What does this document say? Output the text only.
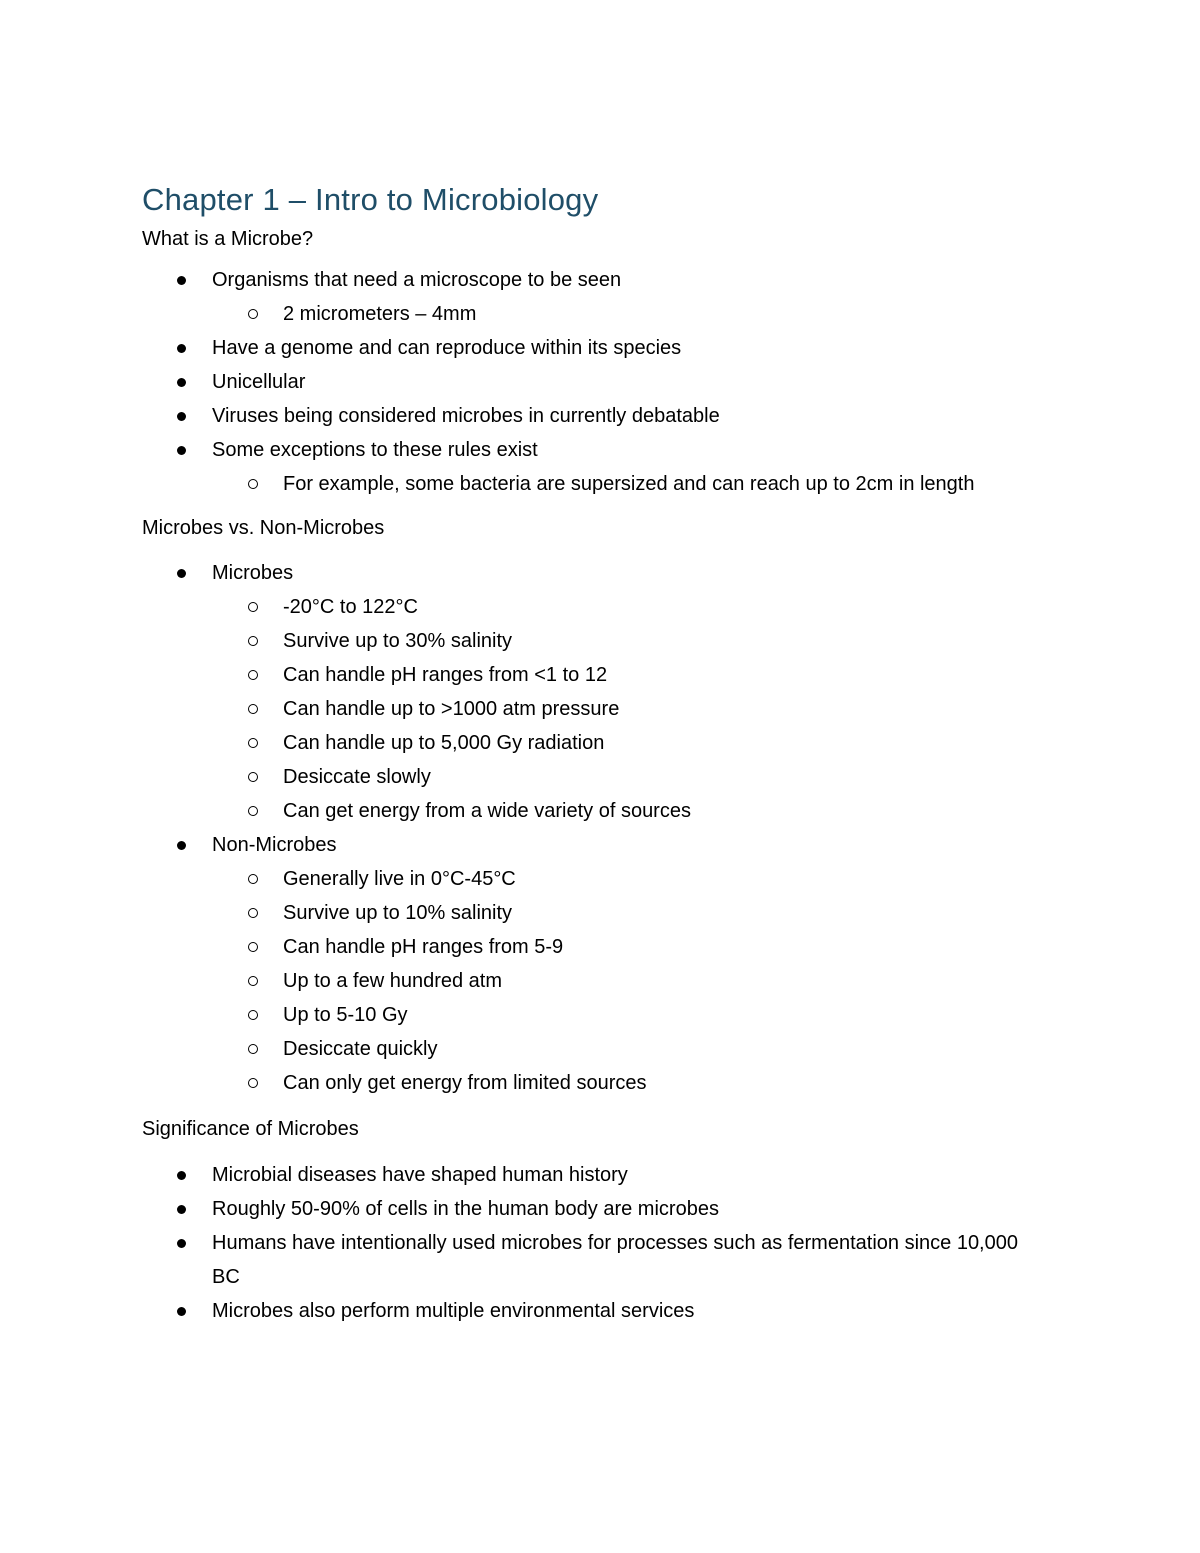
Chapter 1 – Intro to Microbiology

What is a Microbe?

Organisms that need a microscope to be seen
2 micrometers – 4mm
Have a genome and can reproduce within its species
Unicellular
Viruses being considered microbes in currently debatable
Some exceptions to these rules exist
For example, some bacteria are supersized and can reach up to 2cm in length

Microbes vs. Non-Microbes

Microbes
-20°C to 122°C
Survive up to 30% salinity
Can handle pH ranges from <1 to 12
Can handle up to >1000 atm pressure
Can handle up to 5,000 Gy radiation
Desiccate slowly
Can get energy from a wide variety of sources
Non-Microbes
Generally live in 0°C-45°C
Survive up to 10% salinity
Can handle pH ranges from 5-9
Up to a few hundred atm
Up to 5-10 Gy
Desiccate quickly
Can only get energy from limited sources

Significance of Microbes

Microbial diseases have shaped human history
Roughly 50-90% of cells in the human body are microbes
Humans have intentionally used microbes for processes such as fermentation since 10,000 BC
Microbes also perform multiple environmental services
